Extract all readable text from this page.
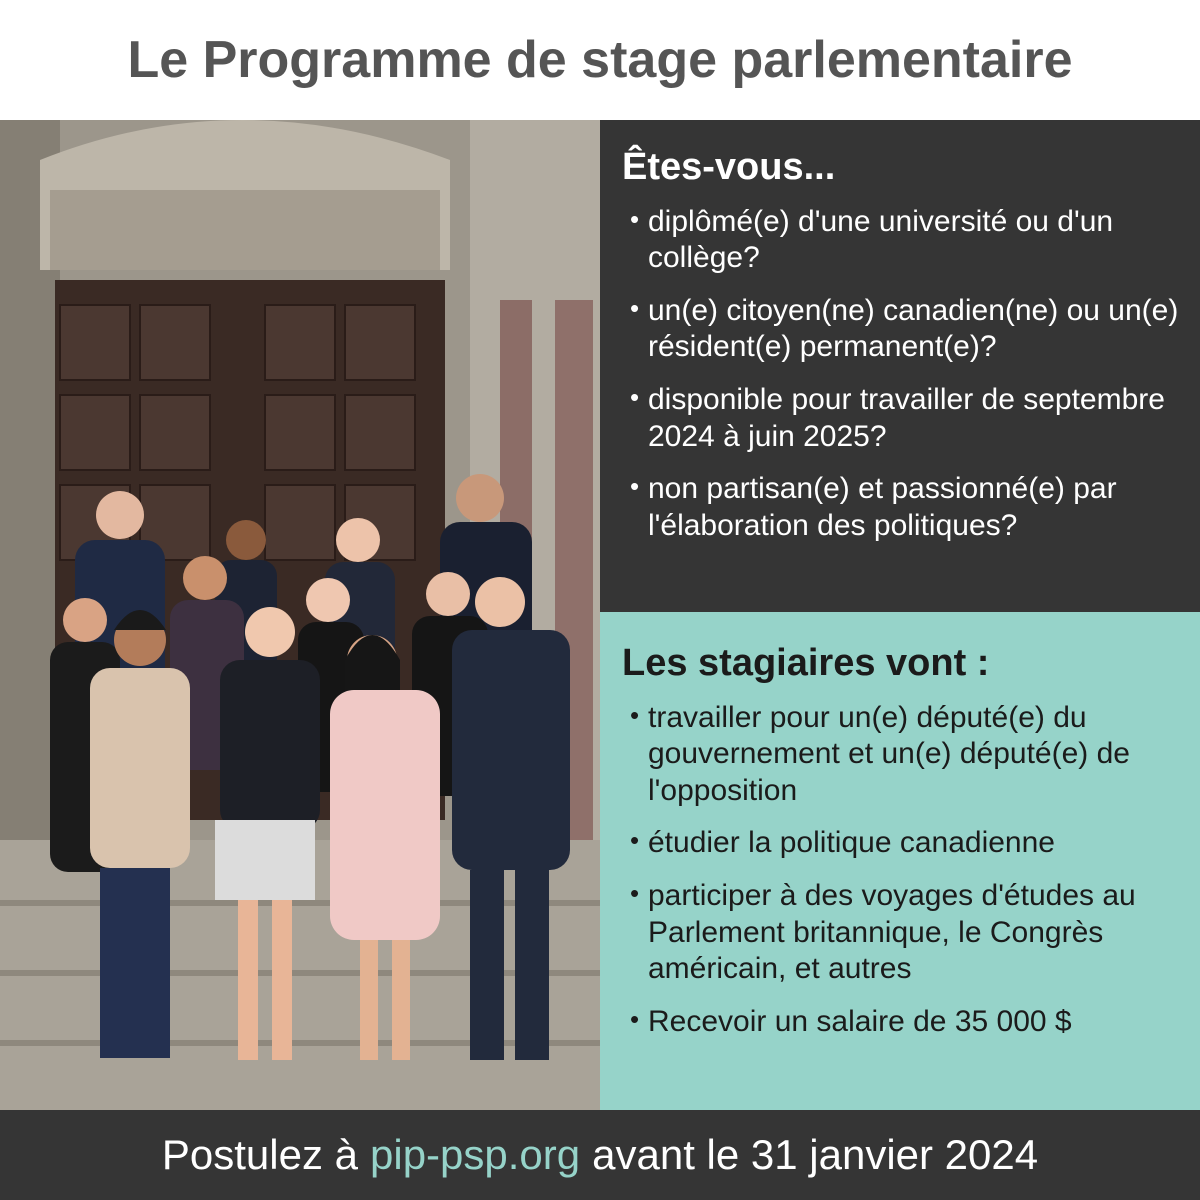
Le Programme de stage parlementaire
Êtes-vous...
• diplômé(e) d'une université ou d'un collège?
• un(e) citoyen(ne) canadien(ne) ou un(e) résident(e) permanent(e)?
• disponible pour travailler de septembre 2024 à juin 2025?
• non partisan(e) et passionné(e) par l'élaboration des politiques?
Les stagiaires vont :
• travailler pour un(e) député(e) du gouvernement et un(e) député(e) de l'opposition
• étudier la politique canadienne
• participer à des voyages d'études au Parlement britannique, le Congrès américain, et autres
• Recevoir un salaire de 35 000 $
Postulez à pip-psp.org avant le 31 janvier 2024
